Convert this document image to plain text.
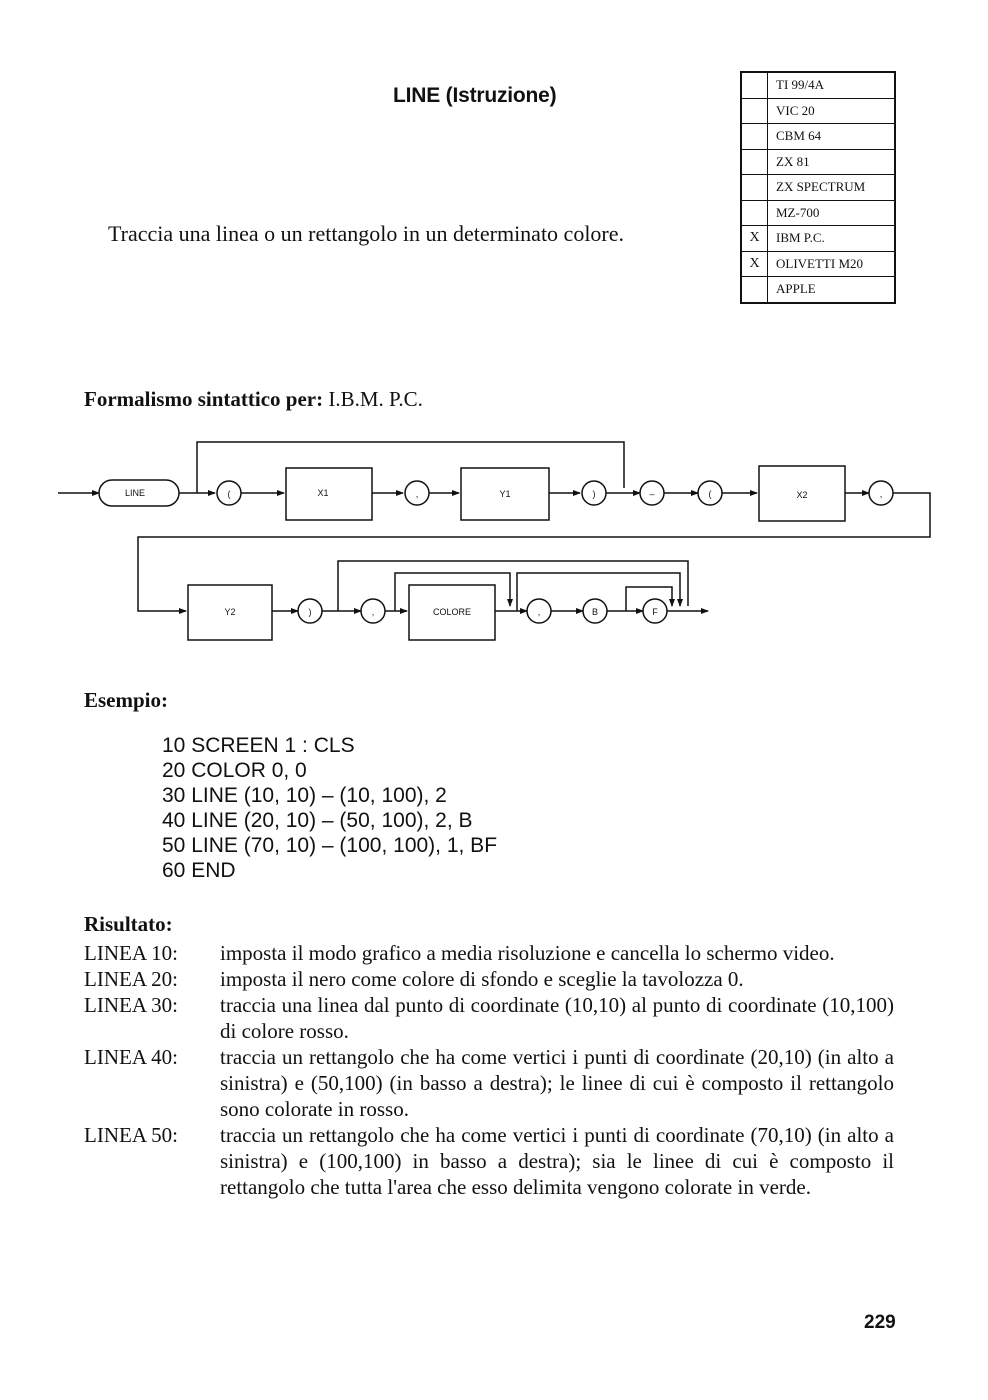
LINE (Istruzione)
Traccia una linea o un rettangolo in un determinato colore.
	TI 99/4A
	VIC 20
	CBM 64
	ZX 81
	ZX SPECTRUM
	MZ-700
X	IBM P.C.
X	OLIVETTI M20
	APPLE
Formalismo sintattico per: I.B.M. P.C.
LINE	(	X1	,	Y1	)	–	(	X2	,
Y2	)	,	COLORE	,	B	F
Esempio:
10 SCREEN 1 : CLS
20 COLOR 0, 0
30 LINE (10, 10) – (10, 100), 2
40 LINE (20, 10) – (50, 100), 2, B
50 LINE (70, 10) – (100, 100), 1, BF
60 END
Risultato:
LINEA 10:	imposta il modo grafico a media risoluzione e cancella lo schermo video.
LINEA 20:	imposta il nero come colore di sfondo e sceglie la tavolozza 0.
LINEA 30:	traccia una linea dal punto di coordinate (10,10) al punto di coordinate (10,100) di colore rosso.
LINEA 40:	traccia un rettangolo che ha come vertici i punti di coordinate (20,10) (in alto a sinistra) e (50,100) (in basso a destra); le linee di cui è composto il rettangolo sono colorate in rosso.
LINEA 50:	traccia un rettangolo che ha come vertici i punti di coordinate (70,10) (in alto a sinistra) e (100,100) in basso a destra); sia le linee di cui è composto il rettangolo che tutta l'area che esso delimita vengono colorate in verde.
229
